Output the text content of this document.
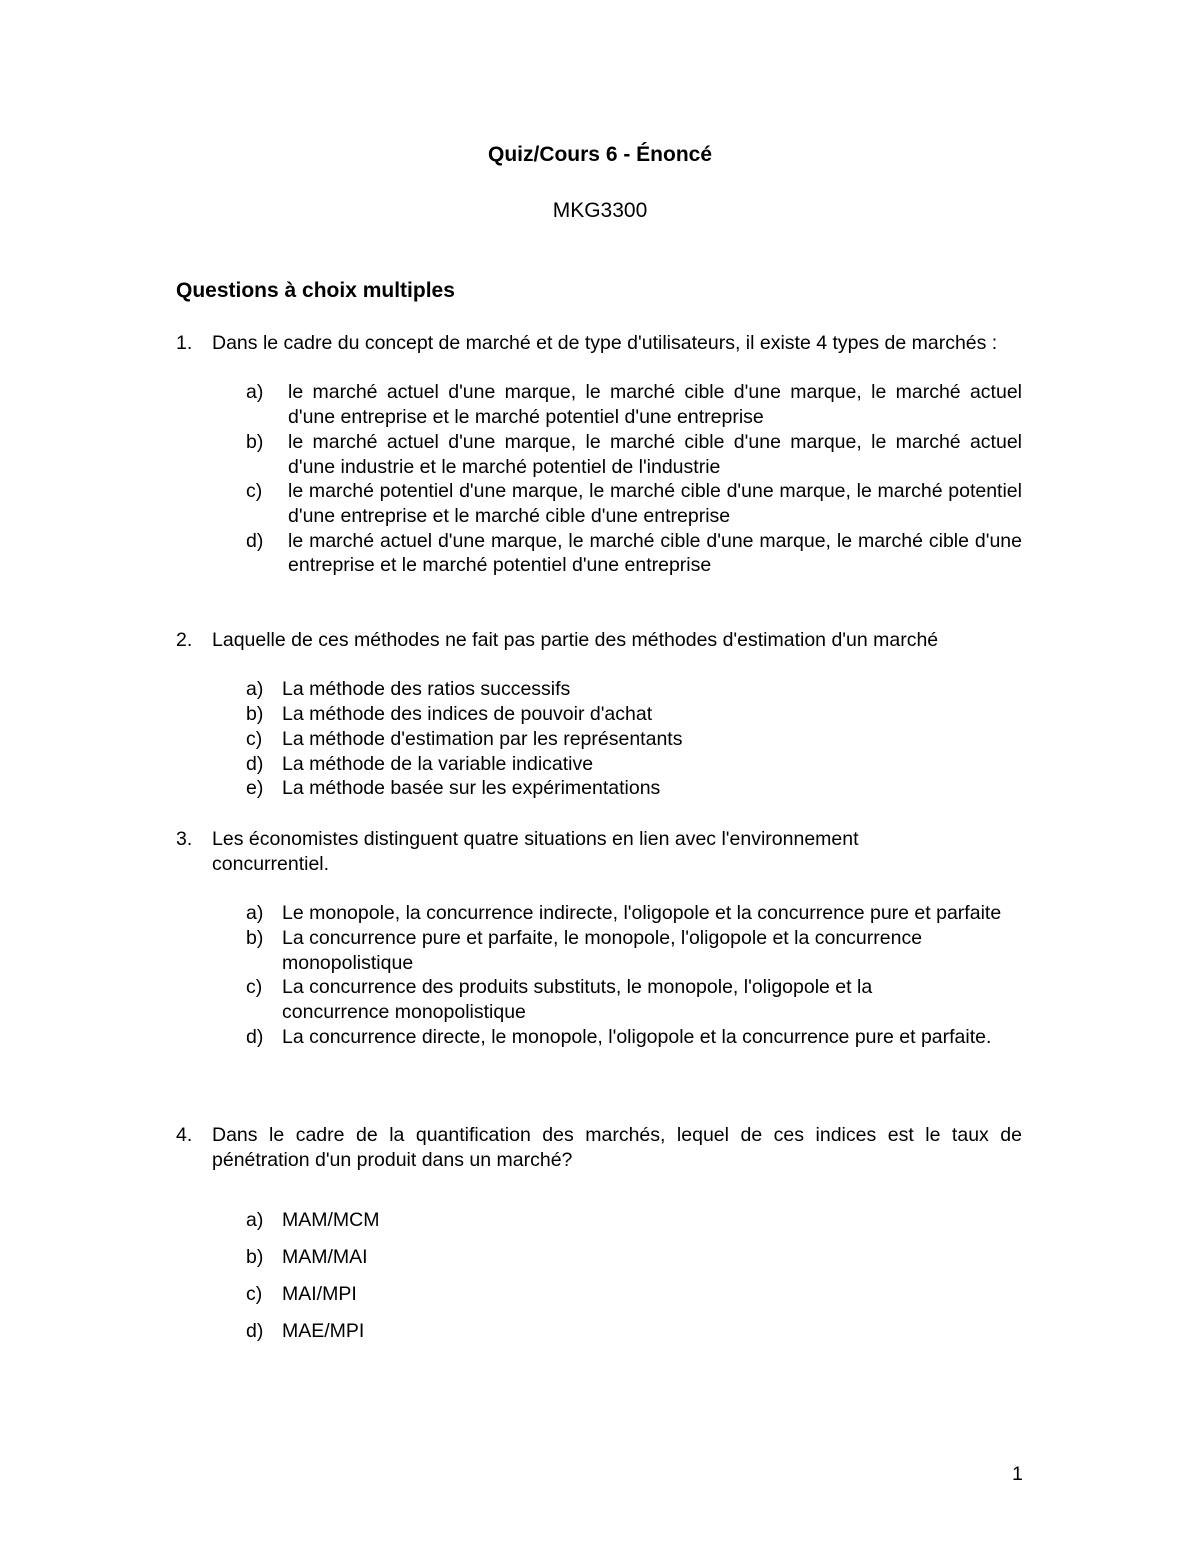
Quiz/Cours 6 - Énoncé
MKG3300
Questions à choix multiples
1. Dans le cadre du concept de marché et de type d'utilisateurs, il existe 4 types de marchés :
a) le marché actuel d'une marque, le marché cible d'une marque, le marché actuel d'une entreprise et le marché potentiel d'une entreprise
b) le marché actuel d'une marque, le marché cible d'une marque, le marché actuel d'une industrie et le marché potentiel de l'industrie
c) le marché potentiel d'une marque, le marché cible d'une marque, le marché potentiel d'une entreprise et le marché cible d'une entreprise
d) le marché actuel d'une marque, le marché cible d'une marque, le marché cible d'une entreprise et le marché potentiel d'une entreprise
2. Laquelle de ces méthodes ne fait pas partie des méthodes d'estimation d'un marché
a) La méthode des ratios successifs
b) La méthode des indices de pouvoir d'achat
c) La méthode d'estimation par les représentants
d) La méthode de la variable indicative
e) La méthode basée sur les expérimentations
3. Les économistes distinguent quatre situations en lien avec l'environnement concurrentiel.
a) Le monopole, la concurrence indirecte, l'oligopole et la concurrence pure et parfaite
b) La concurrence pure et parfaite, le monopole, l'oligopole et la concurrence monopolistique
c) La concurrence des produits substituts, le monopole, l'oligopole et la concurrence monopolistique
d) La concurrence directe, le monopole, l'oligopole et la concurrence pure et parfaite.
4. Dans le cadre de la quantification des marchés, lequel de ces indices est le taux de pénétration d'un produit dans un marché?
a) MAM/MCM
b) MAM/MAI
c) MAI/MPI
d) MAE/MPI
1
